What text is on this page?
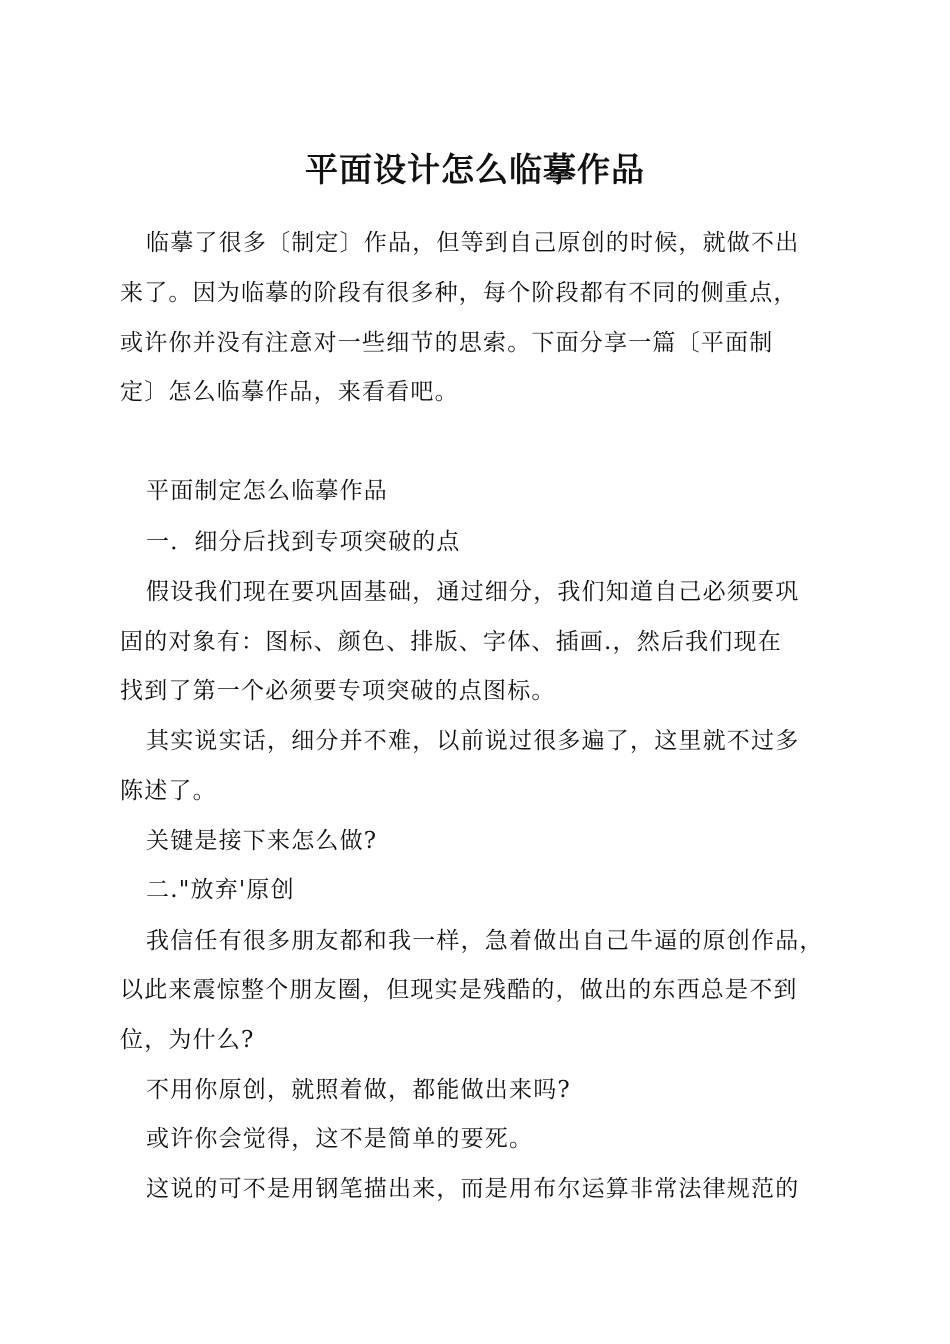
平面设计怎么临摹作品

临摹了很多〔制定〕作品，但等到自己原创的时候，就做不出

来了。因为临摹的阶段有很多种，每个阶段都有不同的侧重点，

或许你并没有注意对一些细节的思索。下面分享一篇〔平面制

定〕怎么临摹作品，来看看吧。

平面制定怎么临摹作品

一．细分后找到专项突破的点

假设我们现在要巩固基础，通过细分，我们知道自己必须要巩

固的对象有：图标、颜色、排版、字体、插画.，然后我们现在

找到了第一个必须要专项突破的点图标。

其实说实话，细分并不难，以前说过很多遍了，这里就不过多

陈述了。

关键是接下来怎么做?

二."放弃'原创

我信任有很多朋友都和我一样，急着做出自己牛逼的原创作品，

以此来震惊整个朋友圈，但现实是残酷的，做出的东西总是不到

位，为什么?

不用你原创，就照着做，都能做出来吗?

或许你会觉得，这不是简单的要死。

这说的可不是用钢笔描出来，而是用布尔运算非常法律规范的
